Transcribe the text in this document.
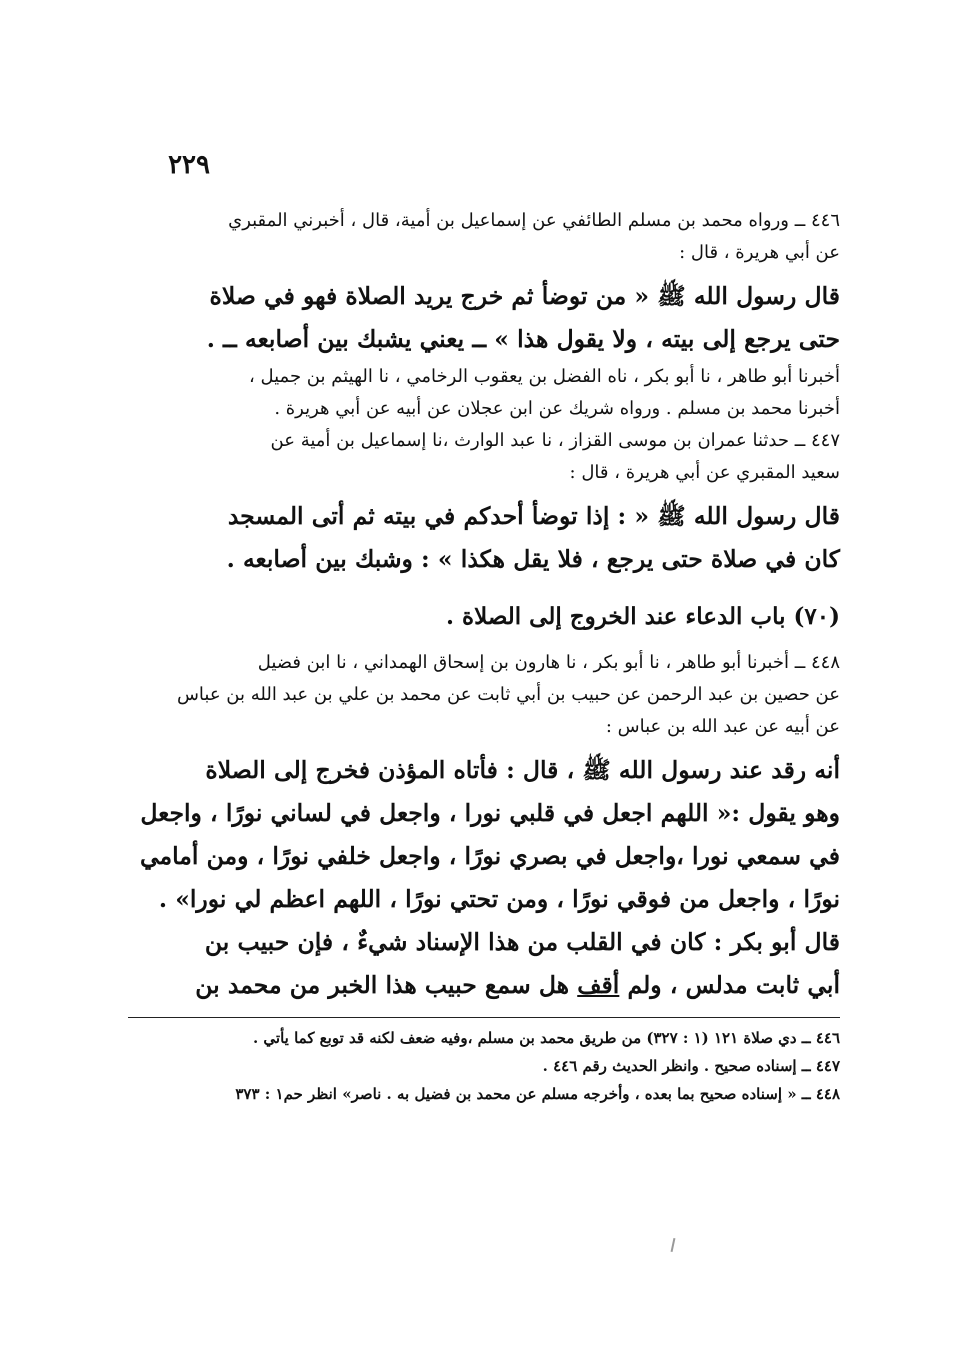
٢٢٩

٤٤٦ ــ ورواه محمد بن مسلم الطائفي عن إسماعيل بن أمية، قال ، أخبرني المقبري

عن أبي هريرة ، قال :

قال رسول الله ﷺ « من توضأ ثم خرج يريد الصلاة فهو في صلاة

حتى يرجع إلى بيته ، ولا يقول هذا » ــ يعني يشبك بين أصابعه ــ .

أخبرنا أبو طاهر ، نا أبو بكر ، ناه الفضل بن يعقوب الرخامي ، نا الهيثم بن جميل ،

أخبرنا محمد بن مسلم . ورواه شريك عن ابن عجلان عن أبيه عن أبي هريرة .

٤٤٧ ــ حدثنا عمران بن موسى القزاز ، نا عبد الوارث ،نا إسماعيل بن أمية عن

سعيد المقبري عن أبي هريرة ، قال :

قال رسول الله ﷺ « : إذا توضأ أحدكم في بيته ثم أتى المسجد

كان في صلاة حتى يرجع ، فلا يقل هكذا » : وشبك بين أصابعه .

(٧٠) باب الدعاء عند الخروج إلى الصلاة .

٤٤٨ ــ أخبرنا أبو طاهر ، نا أبو بكر ، نا هارون بن إسحاق الهمداني ، نا ابن فضيل

عن حصين بن عبد الرحمن عن حبيب بن أبي ثابت عن محمد بن علي بن عبد الله بن عباس

عن أبيه عن عبد الله بن عباس :

أنه رقد عند رسول الله ﷺ ، قال : فأتاه المؤذن فخرج إلى الصلاة

وهو يقول :« اللهم اجعل في قلبي نورا ، واجعل في لساني نورًا ، واجعل

في سمعي نورا ،واجعل في بصري نورًا ، واجعل خلفي نورًا ، ومن أمامي

نورًا ، واجعل من فوقي نورًا ، ومن تحتي نورًا ، اللهم اعظم لي نورا» .

قال أبو بكر : كان في القلب من هذا الإسناد شيءٌ ، فإن حبيب بن

أبي ثابت مدلس ، ولم أقف هل سمع حبيب هذا الخبر من محمد بن

٤٤٦ ــ دي صلاة ١٢١ (١ : ٣٢٧) من طريق محمد بن مسلم ،وفيه ضعف لكنه قد توبع كما يأتي .

٤٤٧ ــ إسناده صحيح . وانظر الحديث رقم ٤٤٦ .

٤٤٨ ــ « إسناده صحيح بما بعده ، وأخرجه مسلم عن محمد بن فضيل به . ناصر» انظر حم١ : ٣٧٣
